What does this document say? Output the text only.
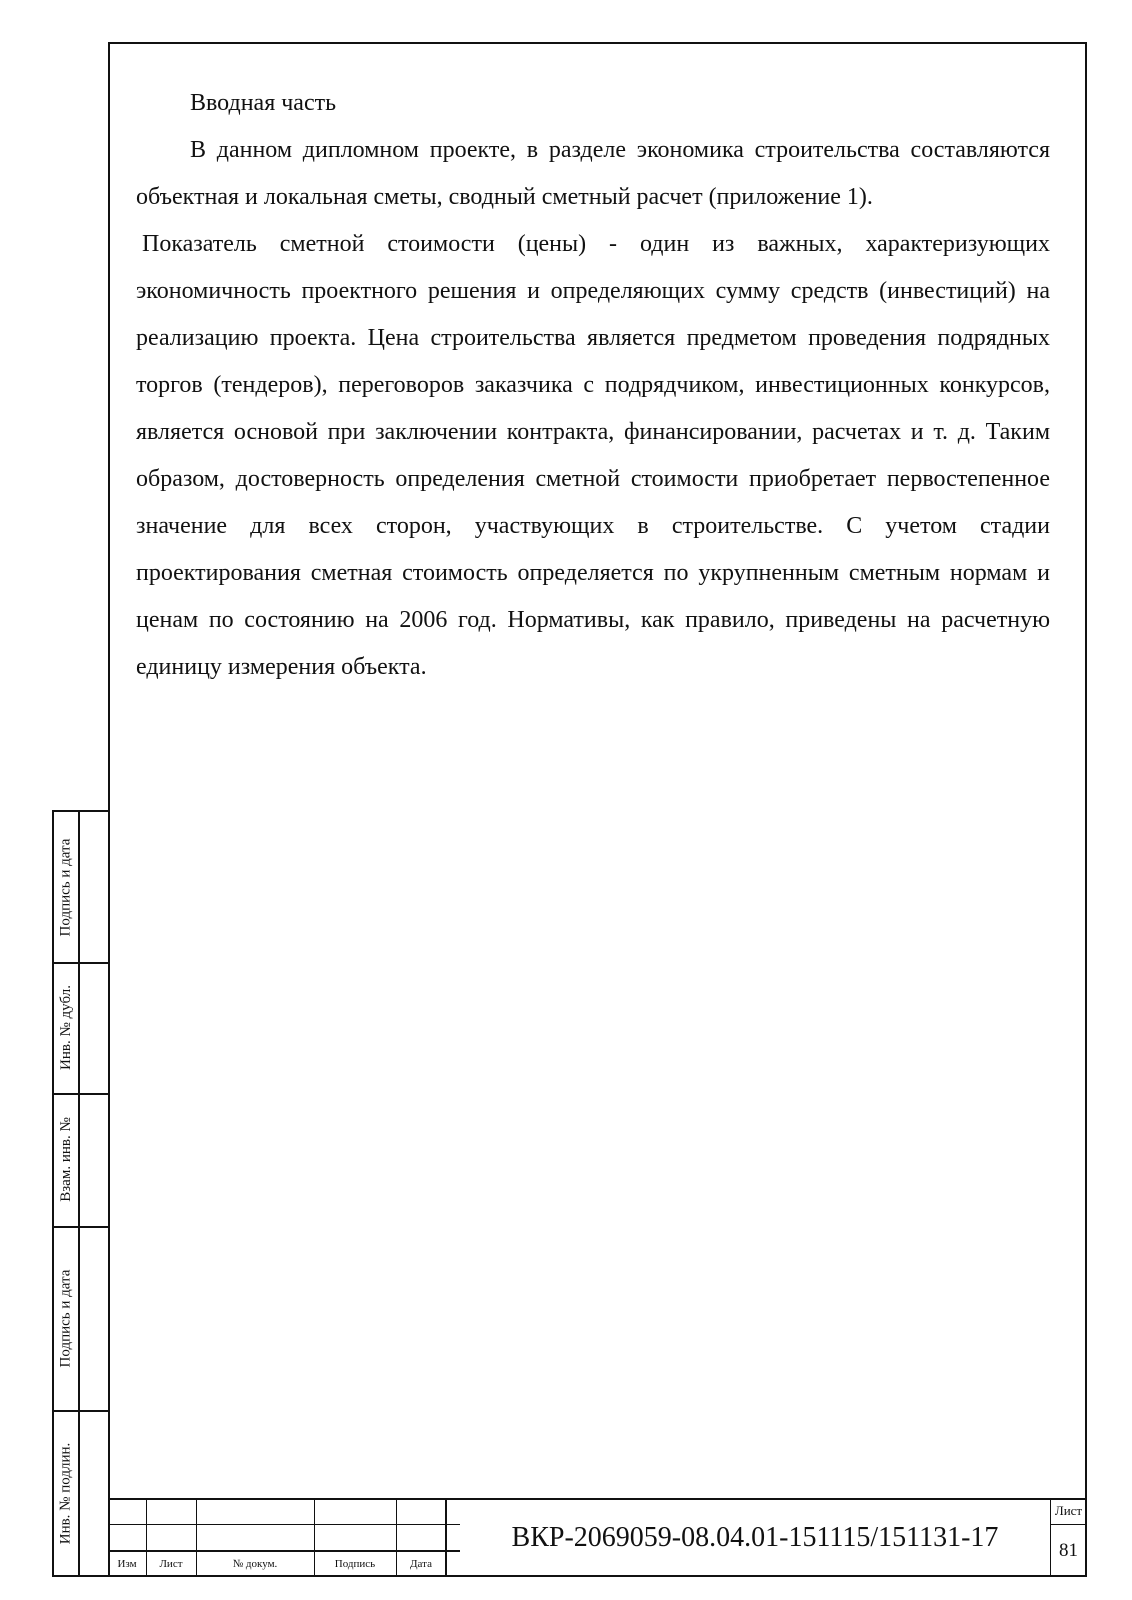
Вводная часть

В данном дипломном проекте, в разделе экономика строительства составляются объектная и локальная сметы, сводный сметный расчет (приложение 1).

Показатель сметной стоимости (цены) - один из важных, характеризующих экономичность проектного решения и определяющих сумму средств (инвестиций) на реализацию проекта. Цена строительства является предметом проведения подрядных торгов (тендеров), переговоров заказчика с подрядчиком, инвестиционных конкурсов, является основой при заключении контракта, финансировании, расчетах и т. д. Таким образом, достоверность определения сметной стоимости приобретает первостепенное значение для всех сторон, участвующих в строительстве. С учетом стадии проектирования сметная стоимость определяется по укрупненным сметным нормам и ценам по состоянию на 2006 год. Нормативы, как правило, приведены на расчетную единицу измерения объекта.

Подпись и дата
Инв. № дубл.
Взам. инв. №
Подпись и дата
Инв. № подлин.
Изм	Лист	№ докум.	Подпись	Дата
ВКР-2069059-08.04.01-151115/151131-17
Лист
81
